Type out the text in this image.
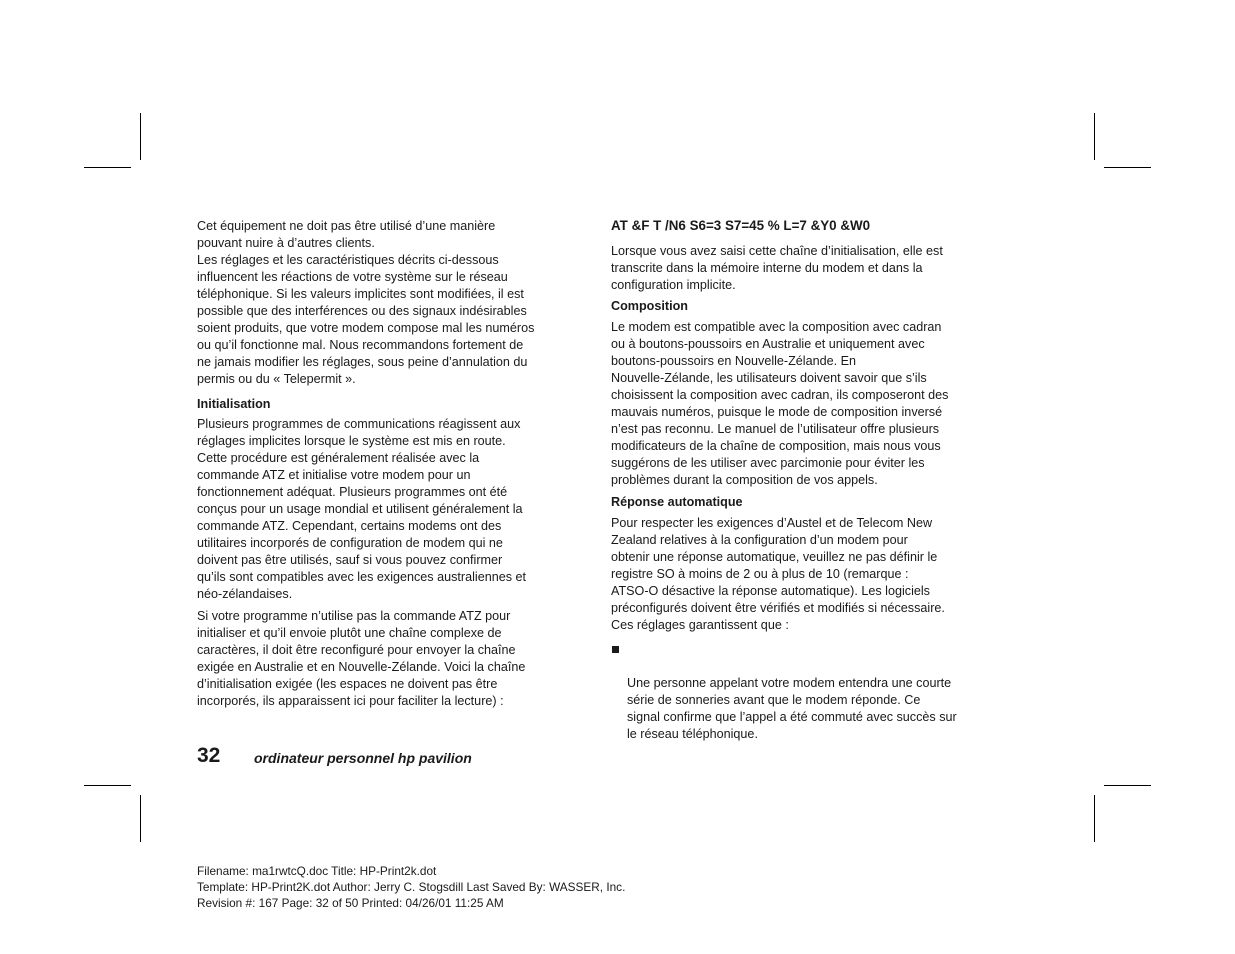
Cet équipement ne doit pas être utilisé d’une manière
pouvant nuire à d’autres clients.

Les réglages et les caractéristiques décrits ci-dessous
influencent les réactions de votre système sur le réseau
téléphonique. Si les valeurs implicites sont modifiées, il est
possible que des interférences ou des signaux indésirables
soient produits, que votre modem compose mal les numéros
ou qu’il fonctionne mal. Nous recommandons fortement de
ne jamais modifier les réglages, sous peine d’annulation du
permis ou du « Telepermit ».

Initialisation

Plusieurs programmes de communications réagissent aux
réglages implicites lorsque le système est mis en route.
Cette procédure est généralement réalisée avec la
commande ATZ et initialise votre modem pour un
fonctionnement adéquat. Plusieurs programmes ont été
conçus pour un usage mondial et utilisent généralement la
commande ATZ. Cependant, certains modems ont des
utilitaires incorporés de configuration de modem qui ne
doivent pas être utilisés, sauf si vous pouvez confirmer
qu’ils sont compatibles avec les exigences australiennes et
néo-zélandaises.

Si votre programme n’utilise pas la commande ATZ pour
initialiser et qu’il envoie plutôt une chaîne complexe de
caractères, il doit être reconfiguré pour envoyer la chaîne
exigée en Australie et en Nouvelle-Zélande. Voici la chaîne
d’initialisation exigée (les espaces ne doivent pas être
incorporés, ils apparaissent ici pour faciliter la lecture) :

AT &F T /N6 S6=3 S7=45 % L=7 &Y0 &W0

Lorsque vous avez saisi cette chaîne d’initialisation, elle est
transcrite dans la mémoire interne du modem et dans la
configuration implicite.

Composition

Le modem est compatible avec la composition avec cadran
ou à boutons-poussoirs en Australie et uniquement avec
boutons-poussoirs en Nouvelle-Zélande. En
Nouvelle-Zélande, les utilisateurs doivent savoir que s’ils
choisissent la composition avec cadran, ils composeront des
mauvais numéros, puisque le mode de composition inversé
n’est pas reconnu. Le manuel de l’utilisateur offre plusieurs
modificateurs de la chaîne de composition, mais nous vous
suggérons de les utiliser avec parcimonie pour éviter les
problèmes durant la composition de vos appels.

Réponse automatique

Pour respecter les exigences d’Austel et de Telecom New
Zealand relatives à la configuration d’un modem pour
obtenir une réponse automatique, veuillez ne pas définir le
registre SO à moins de 2 ou à plus de 10 (remarque :
ATSO-O désactive la réponse automatique). Les logiciels
préconfigurés doivent être vérifiés et modifiés si nécessaire.
Ces réglages garantissent que :

Une personne appelant votre modem entendra une courte
série de sonneries avant que le modem réponde. Ce
signal confirme que l’appel a été commuté avec succès sur
le réseau téléphonique.

32 ordinateur personnel hp pavilion

Filename: ma1rwtcQ.doc Title: HP-Print2k.dot

Template: HP-Print2K.dot Author: Jerry C. Stogsdill Last Saved By: WASSER, Inc.

Revision #: 167 Page: 32 of 50 Printed: 04/26/01 11:25 AM
